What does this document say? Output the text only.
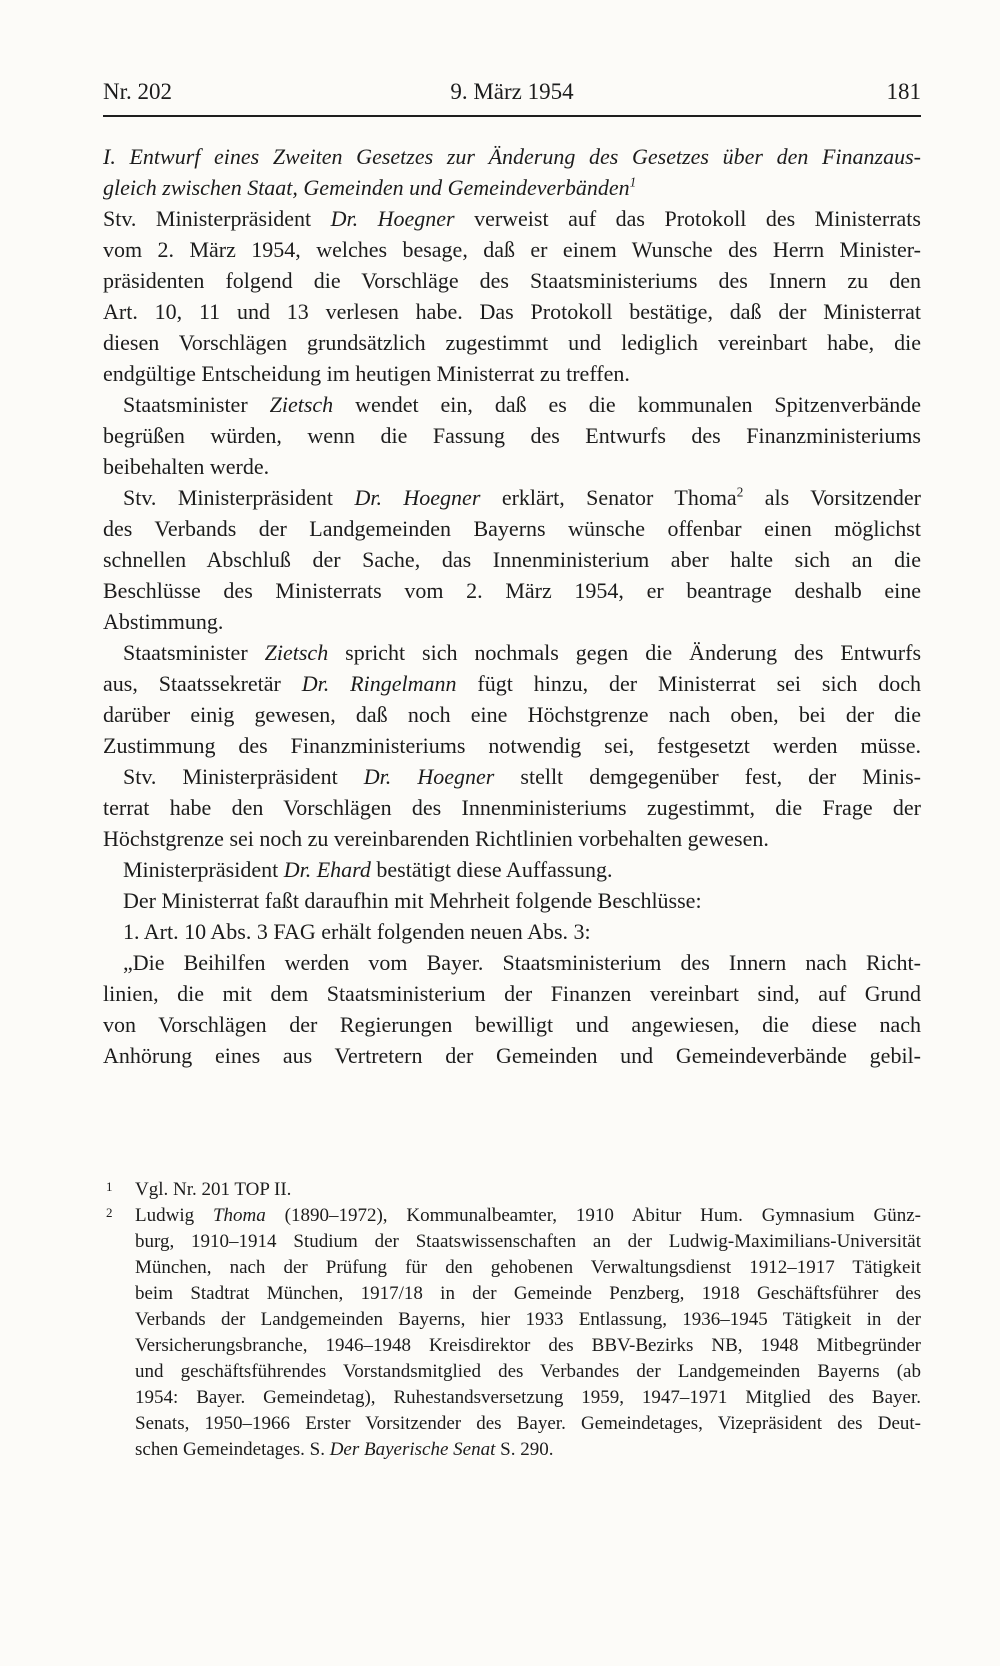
Nr. 202	9. März 1954	181
I. Entwurf eines Zweiten Gesetzes zur Änderung des Gesetzes über den Finanzaus-
gleich zwischen Staat, Gemeinden und Gemeindeverbänden$^1$
Stv. Ministerpräsident Dr. Hoegner verweist auf das Protokoll des Ministerrats
vom 2. März 1954, welches besage, daß er einem Wunsche des Herrn Minister-
präsidenten folgend die Vorschläge des Staatsministeriums des Innern zu den
Art. 10, 11 und 13 verlesen habe. Das Protokoll bestätige, daß der Ministerrat
diesen Vorschlägen grundsätzlich zugestimmt und lediglich vereinbart habe, die
endgültige Entscheidung im heutigen Ministerrat zu treffen.
Staatsminister Zietsch wendet ein, daß es die kommunalen Spitzenverbände
begrüßen würden, wenn die Fassung des Entwurfs des Finanzministeriums
beibehalten werde.
Stv. Ministerpräsident Dr. Hoegner erklärt, Senator Thoma$^2$ als Vorsitzender
des Verbands der Landgemeinden Bayerns wünsche offenbar einen möglichst
schnellen Abschluß der Sache, das Innenministerium aber halte sich an die
Beschlüsse des Ministerrats vom 2. März 1954, er beantrage deshalb eine
Abstimmung.
Staatsminister Zietsch spricht sich nochmals gegen die Änderung des Entwurfs
aus, Staatssekretär Dr. Ringelmann fügt hinzu, der Ministerrat sei sich doch
darüber einig gewesen, daß noch eine Höchstgrenze nach oben, bei der die
Zustimmung des Finanzministeriums notwendig sei, festgesetzt werden müsse.
Stv. Ministerpräsident Dr. Hoegner stellt demgegenüber fest, der Minis-
terrat habe den Vorschlägen des Innenministeriums zugestimmt, die Frage der
Höchstgrenze sei noch zu vereinbarenden Richtlinien vorbehalten gewesen.
Ministerpräsident Dr. Ehard bestätigt diese Auffassung.
Der Ministerrat faßt daraufhin mit Mehrheit folgende Beschlüsse:
1. Art. 10 Abs. 3 FAG erhält folgenden neuen Abs. 3:
„Die Beihilfen werden vom Bayer. Staatsministerium des Innern nach Richt-
linien, die mit dem Staatsministerium der Finanzen vereinbart sind, auf Grund
von Vorschlägen der Regierungen bewilligt und angewiesen, die diese nach
Anhörung eines aus Vertretern der Gemeinden und Gemeindeverbände gebil-
1 Vgl. Nr. 201 TOP II.
2 Ludwig Thoma (1890–1972), Kommunalbeamter, 1910 Abitur Hum. Gymnasium Günz-
burg, 1910–1914 Studium der Staatswissenschaften an der Ludwig-Maximilians-Universität
München, nach der Prüfung für den gehobenen Verwaltungsdienst 1912–1917 Tätigkeit
beim Stadtrat München, 1917/18 in der Gemeinde Penzberg, 1918 Geschäftsführer des
Verbands der Landgemeinden Bayerns, hier 1933 Entlassung, 1936–1945 Tätigkeit in der
Versicherungsbranche, 1946–1948 Kreisdirektor des BBV-Bezirks NB, 1948 Mitbegründer
und geschäftsführendes Vorstandsmitglied des Verbandes der Landgemeinden Bayerns (ab
1954: Bayer. Gemeindetag), Ruhestandsversetzung 1959, 1947–1971 Mitglied des Bayer.
Senats, 1950–1966 Erster Vorsitzender des Bayer. Gemeindetages, Vizepräsident des Deut-
schen Gemeindetages. S. Der Bayerische Senat S. 290.
